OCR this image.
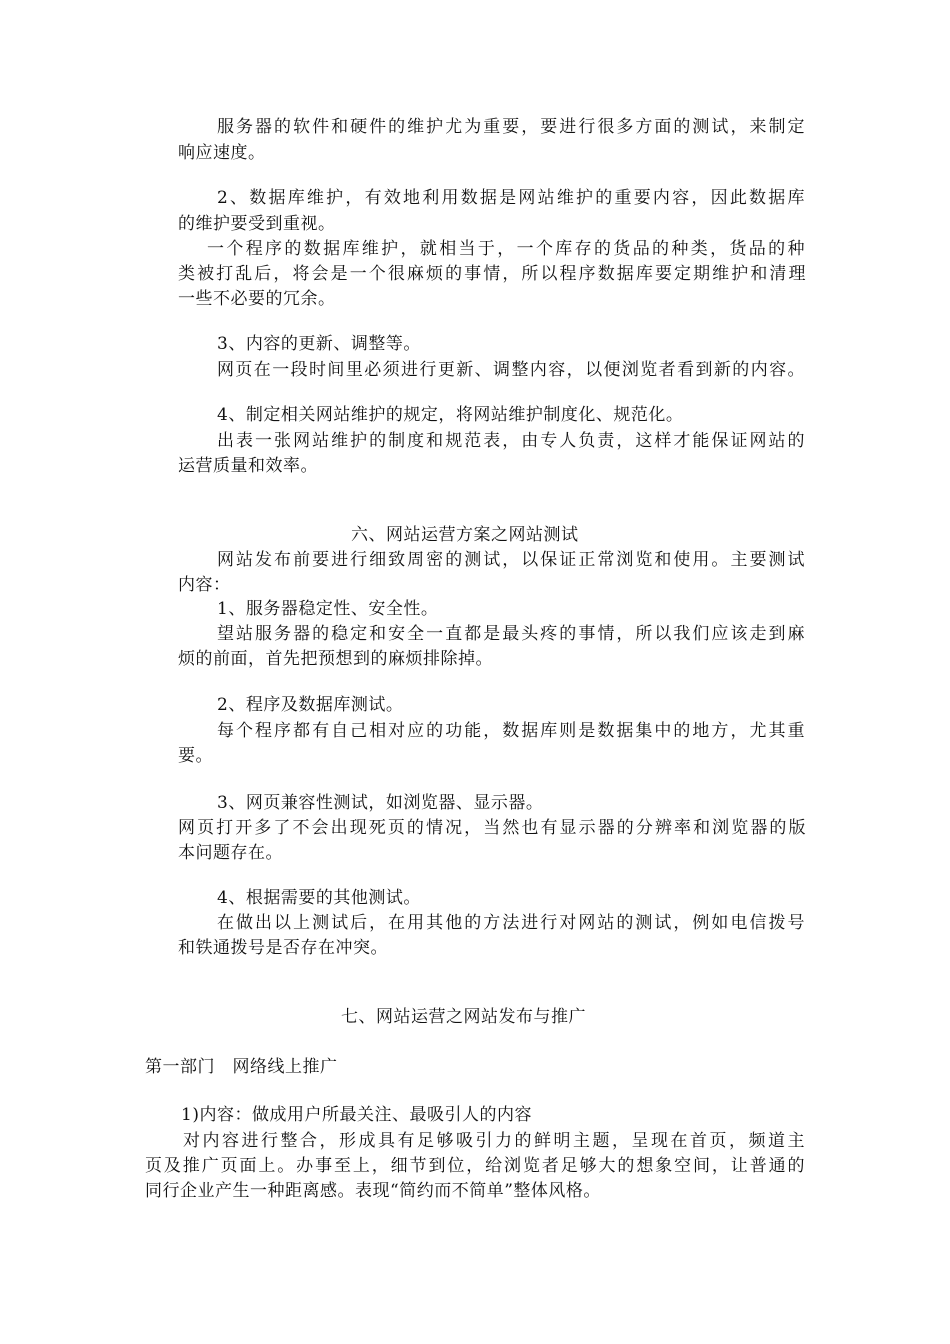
服务器的软件和硬件的维护尤为重要，要进行很多方面的测试，来制定
响应速度。
2、数据库维护，有效地利用数据是网站维护的重要内容，因此数据库
的维护要受到重视。
一个程序的数据库维护，就相当于，一个库存的货品的种类，货品的种
类被打乱后，将会是一个很麻烦的事情，所以程序数据库要定期维护和清理
一些不必要的冗余。
3、内容的更新、调整等。
网页在一段时间里必须进行更新、调整内容，以便浏览者看到新的内容。
4、制定相关网站维护的规定，将网站维护制度化、规范化。
出表一张网站维护的制度和规范表，由专人负责，这样才能保证网站的
运营质量和效率。
六、网站运营方案之网站测试
网站发布前要进行细致周密的测试，以保证正常浏览和使用。主要测试
内容：
1、服务器稳定性、安全性。
望站服务器的稳定和安全一直都是最头疼的事情，所以我们应该走到麻
烦的前面，首先把预想到的麻烦排除掉。
2、程序及数据库测试。
每个程序都有自己相对应的功能，数据库则是数据集中的地方，尤其重
要。
3、网页兼容性测试，如浏览器、显示器。
网页打开多了不会出现死页的情况，当然也有显示器的分辨率和浏览器的版
本问题存在。
4、根据需要的其他测试。
在做出以上测试后，在用其他的方法进行对网站的测试，例如电信拨号
和铁通拨号是否存在冲突。
七、网站运营之网站发布与推广
第一部门　网络线上推广
1)内容：做成用户所最关注、最吸引人的内容
对内容进行整合，形成具有足够吸引力的鲜明主题，呈现在首页，频道主
页及推广页面上。办事至上，细节到位，给浏览者足够大的想象空间，让普通的
同行企业产生一种距离感。表现“简约而不简单”整体风格。
